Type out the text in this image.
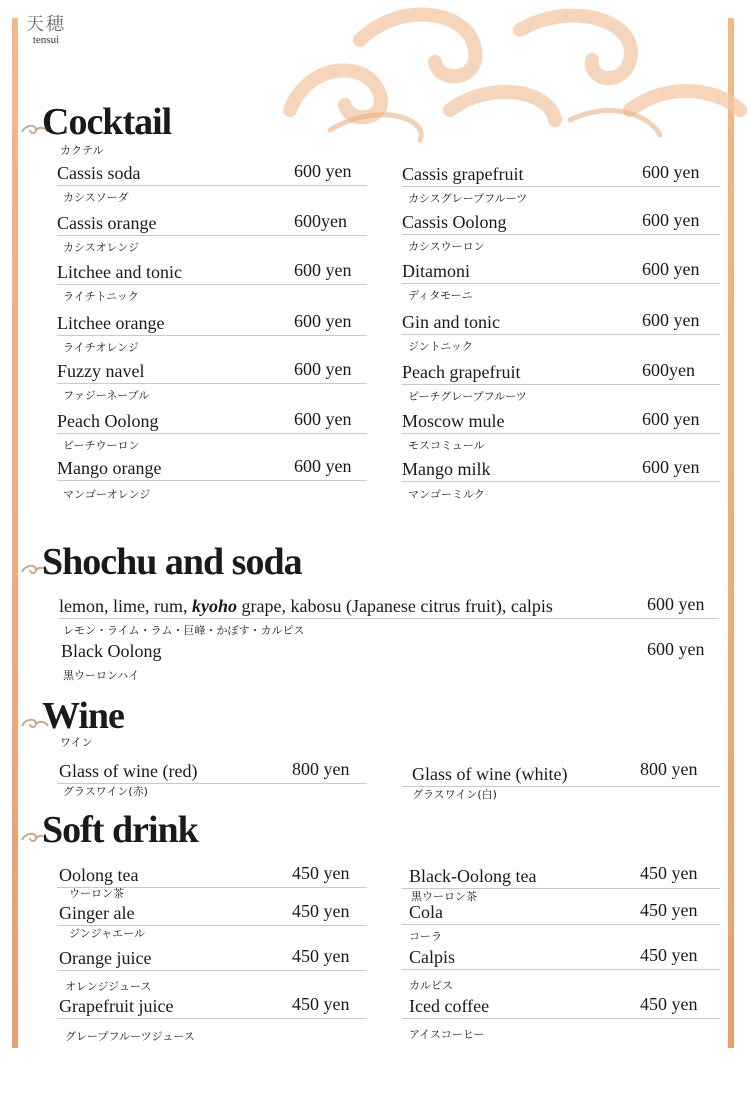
天穂
tensui
Cocktail
カクテル
Shochu and soda
Wine
ワイン
Soft drink
Cassis soda	600 yen
カシスソーダ
Cassis orange	600yen
カシスオレンジ
Litchee and tonic	600 yen
ライチトニック
Litchee orange	600 yen
ライチオレンジ
Fuzzy navel	600 yen
ファジーネーブル
Peach Oolong	600 yen
ピーチウーロン
Mango orange	600 yen
マンゴーオレンジ
Cassis grapefruit	600 yen
カシスグレープフルーツ
Cassis Oolong	600 yen
カシスウーロン
Ditamoni	600 yen
ディタモーニ
Gin and tonic	600 yen
ジントニック
Peach grapefruit	600yen
ピーチグレープフルーツ
Moscow mule	600 yen
モスコミュール
Mango milk	600 yen
マンゴーミルク
lemon, lime, rum, kyoho grape, kabosu (Japanese citrus fruit), calpis	600 yen
レモン・ライム・ラム・巨峰・かぼす・カルピス
Black Oolong	600 yen
黒ウーロンハイ
Glass of wine (red)	800 yen
グラスワイン(赤)
Glass of wine (white)	800 yen
グラスワイン(白)
Oolong tea	450 yen
ウーロン茶
Ginger ale	450 yen
ジンジャエール
Orange juice	450 yen
オレンジジュース
Grapefruit juice	450 yen
グレープフルーツジュース
Black-Oolong tea	450 yen
黒ウーロン茶
Cola	450 yen
コーラ
Calpis	450 yen
カルピス
Iced coffee	450 yen
アイスコーヒー
